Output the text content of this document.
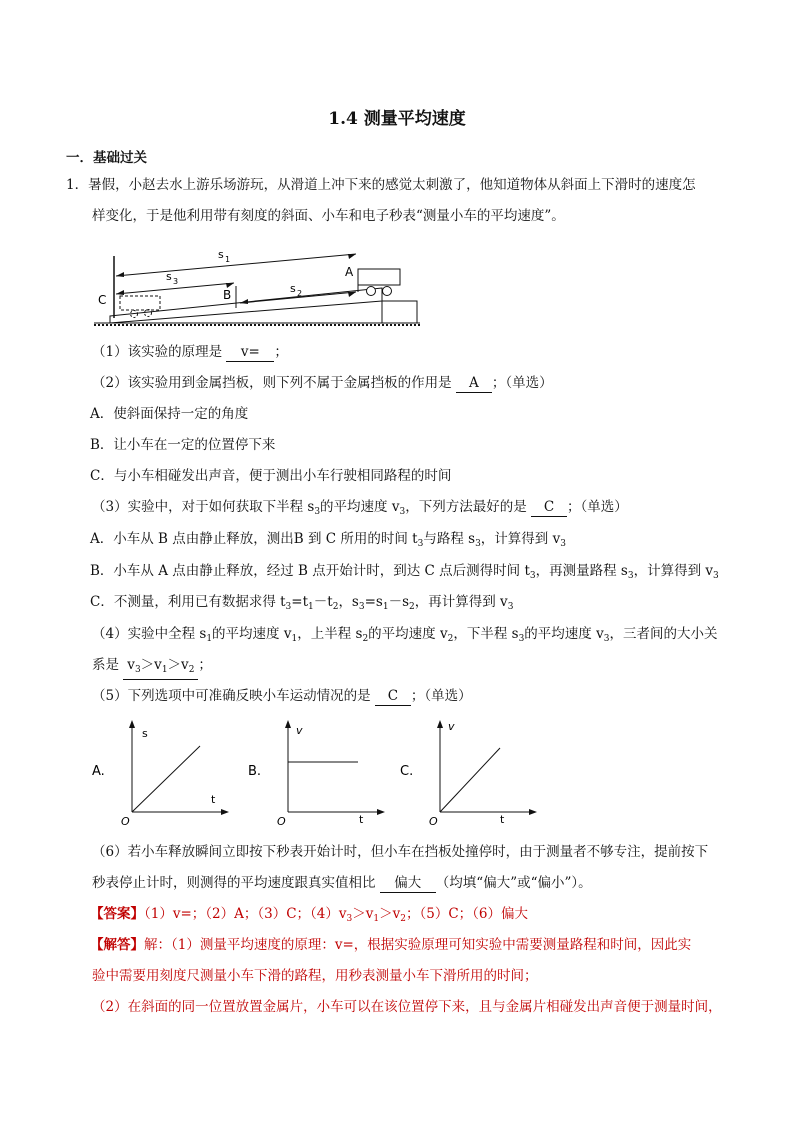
1.4 测量平均速度
一．基础过关
1．暑假，小赵去水上游乐场游玩，从滑道上冲下来的感觉太刺激了，他知道物体从斜面上下滑时的速度怎
样变化，于是他利用带有刻度的斜面、小车和电子秒表“测量小车的平均速度”。
s 1
s 3
s 2
A
B
C
（1）该实验的原理是 v= ；
（2）该实验用到金属挡板，则下列不属于金属挡板的作用是 A ；（单选）
A．使斜面保持一定的角度
B．让小车在一定的位置停下来
C．与小车相碰发出声音，便于测出小车行驶相同路程的时间
（3）实验中，对于如何获取下半程 $s_3$的平均速度 $v_3$，下列方法最好的是 C ；（单选）
A．小车从 B 点由静止释放，测出B 到 C 所用的时间 $t_3$与路程 $s_3$，计算得到 $v_3$
B．小车从 A 点由静止释放，经过 B 点开始计时，到达 C 点后测得时间 $t_3$，再测量路程 $s_3$，计算得到 $v_3$
C．不测量，利用已有数据求得 $t_3=t_1-t_2$，$s_3=s_1-s_2$，再计算得到 $v_3$
（4）实验中全程 $s_1$的平均速度 $v_1$，上半程 $s_2$的平均速度 $v_2$，下半程 $s_3$的平均速度 $v_3$，三者间的大小关
系是 $v_3>v_1>v_2$ ；
（5）下列选项中可准确反映小车运动情况的是 C ；（单选）
A.
s
t
O
B.
v
t
O
C.
v
t
O
（6）若小车释放瞬间立即按下秒表开始计时，但小车在挡板处撞停时，由于测量者不够专注，提前按下
秒表停止计时，则测得的平均速度跟真实值相比 偏大 （均填“偏大”或“偏小”）。
【答案】（1）v=；（2）A；（3）C；$(4)v_3>v_1>v_2$；（5）C；（6）偏大
【解答】解：（1）测量平均速度的原理：v=，根据实验原理可知实验中需要测量路程和时间，因此实
验中需要用刻度尺测量小车下滑的路程，用秒表测量小车下滑所用的时间；
（2）在斜面的同一位置放置金属片，小车可以在该位置停下来，且与金属片相碰发出声音便于测量时间，
